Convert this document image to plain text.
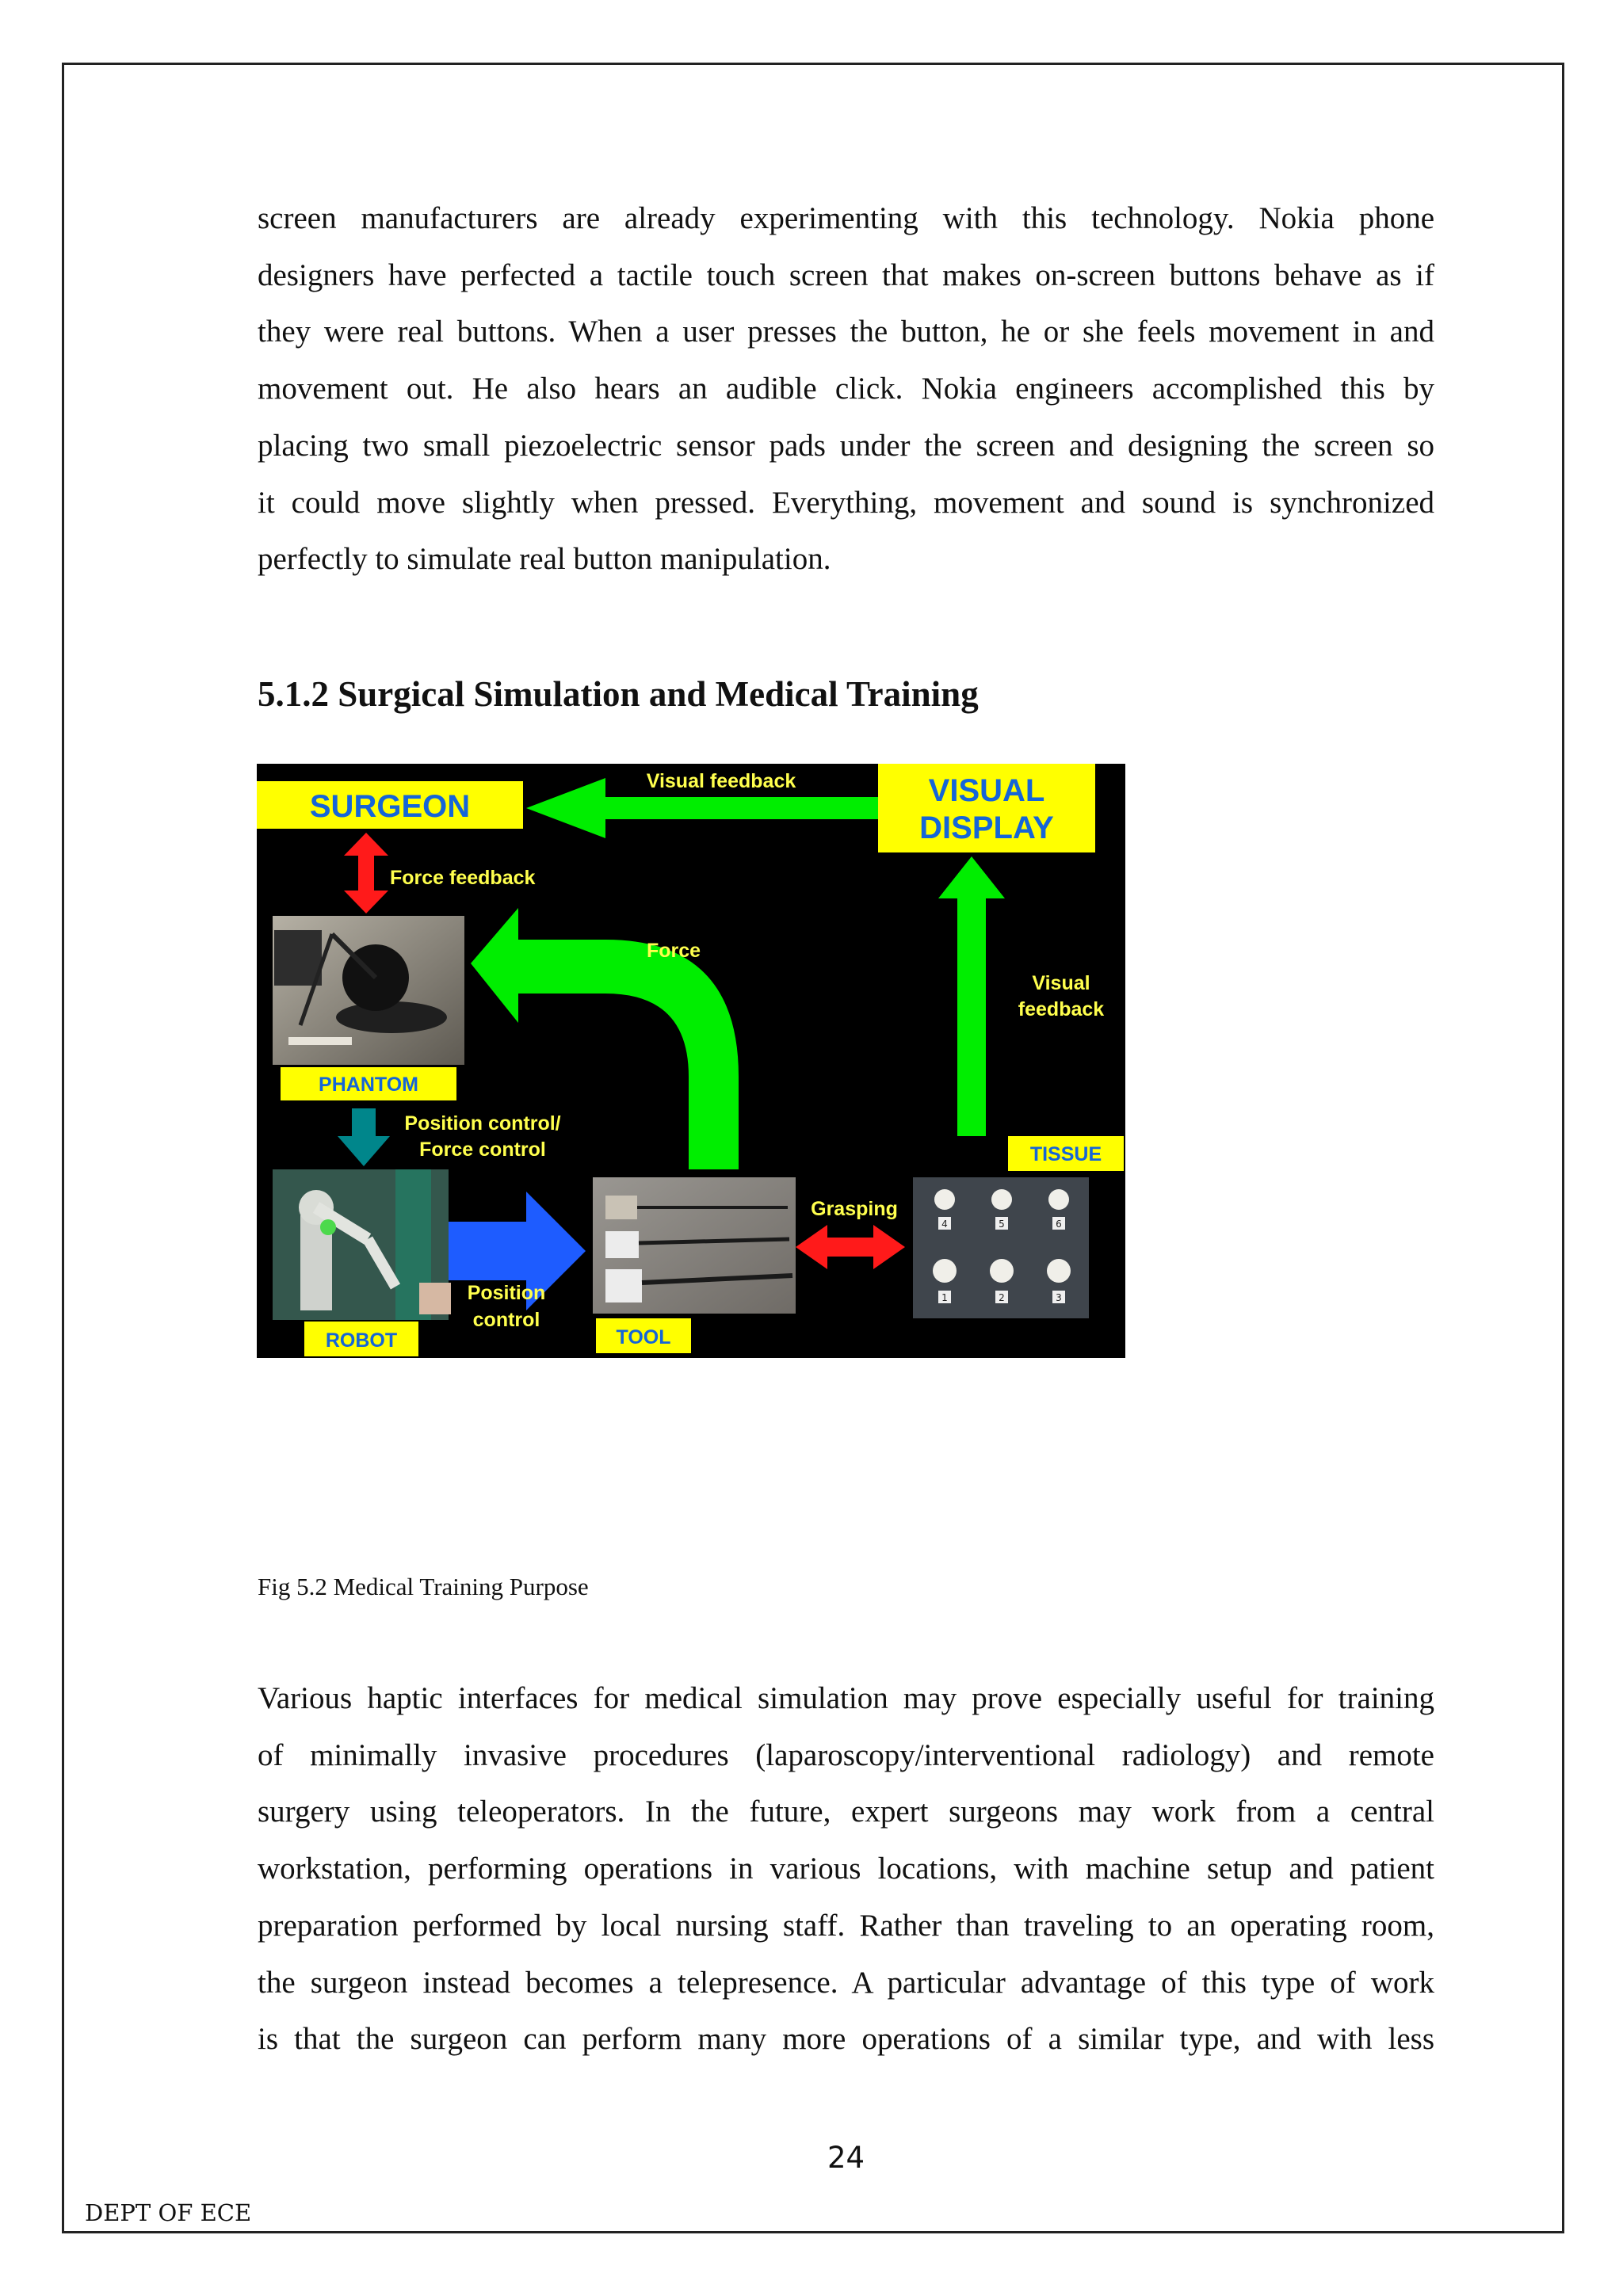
screen manufacturers are already experimenting with this technology. Nokia phone
designers have perfected a tactile touch screen that makes on-screen buttons behave as if
they were real buttons. When a user presses the button, he or she feels movement in and
movement out. He also hears an audible click. Nokia engineers accomplished this by
placing two small piezoelectric sensor pads under the screen and designing the screen so
it could move slightly when pressed. Everything, movement and sound is synchronized
perfectly to simulate real button manipulation.

5.1.2 Surgical Simulation and Medical Training
SURGEON	VISUAL
DISPLAY
Visual feedback
Force feedback
PHANTOM
Position control/
Force control
Force
Visual
feedback
TISSUE
ROBOT
Position
control
TOOL
Grasping
4	5	6
1	2	3
Fig 5.2 Medical Training Purpose

Various haptic interfaces for medical simulation may prove especially useful for training
of minimally invasive procedures (laparoscopy/interventional radiology) and remote
surgery using teleoperators. In the future, expert surgeons may work from a central
workstation, performing operations in various locations, with machine setup and patient
preparation performed by local nursing staff. Rather than traveling to an operating room,
the surgeon instead becomes a telepresence. A particular advantage of this type of work
is that the surgeon can perform many more operations of a similar type, and with less

24
DEPT OF ECE
